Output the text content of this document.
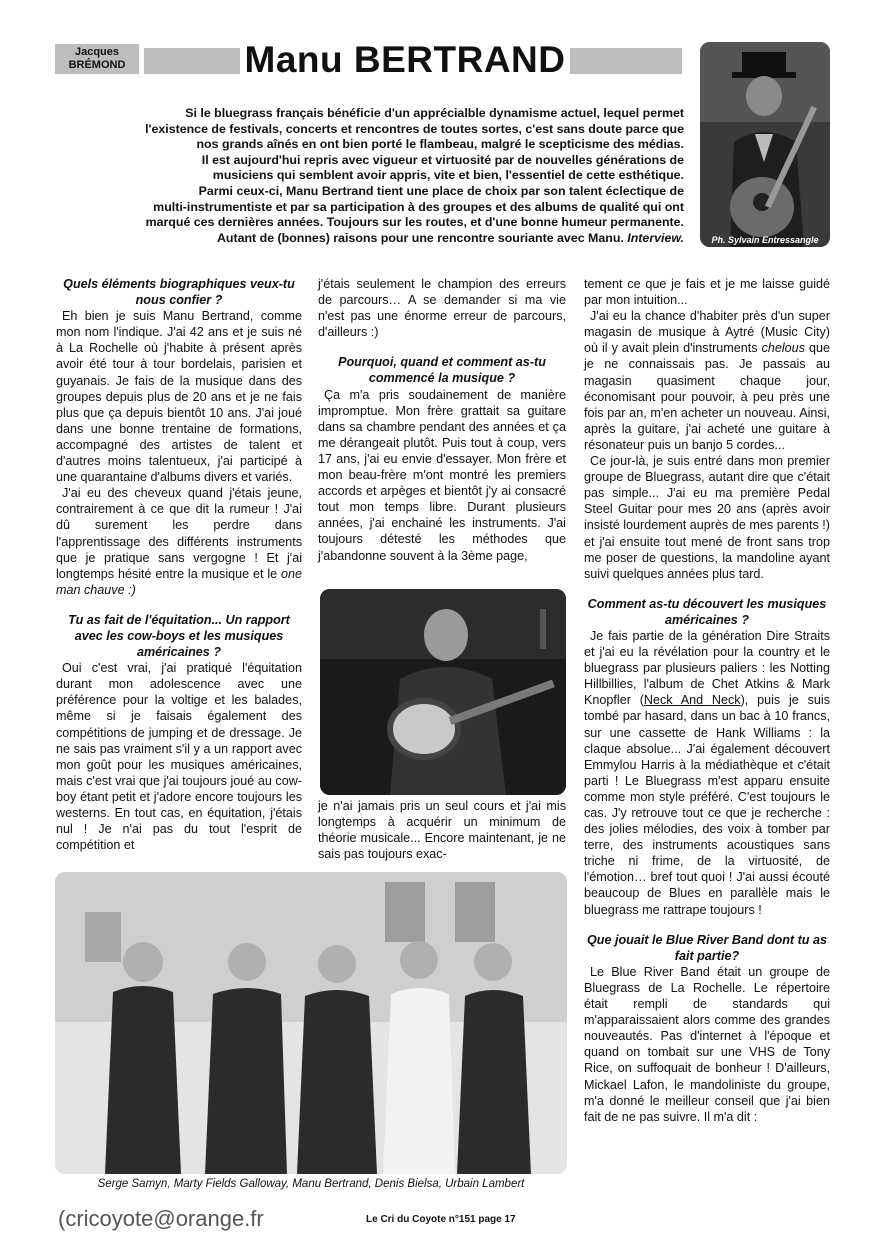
Jacques
BRÉMOND	Manu BERTRAND
Ph. Sylvain Entressangle

Si le bluegrass français bénéficie d'un apprécialble dynamisme actuel, lequel permet

l'existence de festivals, concerts et rencontres de toutes sortes, c'est sans doute parce que

nos grands aînés en ont bien porté le flambeau, malgré le scepticisme des médias.

Il est aujourd'hui repris avec vigueur et virtuosité par de nouvelles générations de

musiciens qui semblent avoir appris, vite et bien, l'essentiel de cette esthétique.

Parmi ceux-ci, Manu Bertrand tient une place de choix par son talent éclectique de

multi-instrumentiste et par sa participation à des groupes et des albums de qualité qui ont

marqué ces dernières années. Toujours sur les routes, et d'une bonne humeur permanente.

Autant de (bonnes) raisons pour une rencontre souriante avec Manu. Interview.

Quels éléments biographiques veux-tu nous confier ?

Eh bien je suis Manu Bertrand, comme mon nom l'indique. J'ai 42 ans et je suis né à La Rochelle où j'habite à présent après avoir été tour à tour bordelais, parisien et guyanais. Je fais de la musique dans des groupes depuis plus de 20 ans et je ne fais plus que ça depuis bientôt 10 ans. J'ai joué dans une bonne trentaine de formations, accompagné des artistes de talent et d'autres moins talentueux, j'ai participé à une quarantaine d'albums divers et variés.

J'ai eu des cheveux quand j'étais jeune, contrairement à ce que dit la rumeur ! J'ai dû surement les perdre dans l'apprentissage des différents instruments que je pratique sans vergogne ! Et j'ai longtemps hésité entre la musique et le one man chauve :)

Tu as fait de l'équitation... Un rapport avec les cow-boys et les musiques américaines ?

Oui c'est vrai, j'ai pratiqué l'équitation durant mon adolescence avec une préférence pour la voltige et les balades, même si je faisais également des compétitions de jumping et de dressage. Je ne sais pas vraiment s'il y a un rapport avec mon goût pour les musiques américaines, mais c'est vrai que j'ai toujours joué au cow-boy étant petit et j'adore encore toujours les westerns. En tout cas, en équitation, j'étais nul ! Je n'ai pas du tout l'esprit de compétition et

j'étais seulement le champion des erreurs de parcours… A se demander si ma vie n'est pas une énorme erreur de parcours, d'ailleurs :)

Pourquoi, quand et comment as-tu commencé la musique ?

Ça m'a pris soudainement de manière impromptue. Mon frère grattait sa guitare dans sa chambre pendant des années et ça me dérangeait plutôt. Puis tout à coup, vers 17 ans, j'ai eu envie d'essayer. Mon frère et mon beau-frère m'ont montré les premiers accords et arpèges et bientôt j'y ai consacré tout mon temps libre. Durant plusieurs années, j'ai enchainé les instruments. J'ai toujours détesté les méthodes que j'abandonne souvent à la 3ème page,

je n'ai jamais pris un seul cours et j'ai mis longtemps à acquérir un minimum de théorie musicale... Encore maintenant, je ne sais pas toujours exac-

tement ce que je fais et je me laisse guidé par mon intuition...

J'ai eu la chance d'habiter près d'un super magasin de musique à Aytré (Music City) où il y avait plein d'instruments chelous que je ne connaissais pas. Je passais au magasin quasiment chaque jour, économisant pour pouvoir, à peu près une fois par an, m'en acheter un nouveau. Ainsi, après la guitare, j'ai acheté une guitare à résonateur puis un banjo 5 cordes...

Ce jour-là, je suis entré dans mon premier groupe de Bluegrass, autant dire que c'était pas simple... J'ai eu ma première Pedal Steel Guitar pour mes 20 ans (après avoir insisté lourdement auprès de mes parents !) et j'ai ensuite tout mené de front sans trop me poser de questions, la mandoline ayant suivi quelques années plus tard.

Comment as-tu découvert les musiques américaines ?

Je fais partie de la génération Dire Straits et j'ai eu la révélation pour la country et le bluegrass par plusieurs paliers : les Notting Hillbillies, l'album de Chet Atkins & Mark Knopfler (Neck And Neck), puis je suis tombé par hasard, dans un bac à 10 francs, sur une cassette de Hank Williams : la claque absolue... J'ai également découvert Emmylou Harris à la médiathèque et c'était parti ! Le Bluegrass m'est apparu ensuite comme mon style préféré. C'est toujours le cas. J'y retrouve tout ce que je recherche : des jolies mélodies, des voix à tomber par terre, des instruments acoustiques sans triche ni frime, de la virtuosité, de l'émotion… bref tout quoi ! J'ai aussi écouté beaucoup de Blues en parallèle mais le bluegrass me rattrape toujours !

Que jouait le Blue River Band dont tu as fait partie?

Le Blue River Band était un groupe de Bluegrass de La Rochelle. Le répertoire était rempli de standards qui m'apparaissaient alors comme des grandes nouveautés. Pas d'internet à l'époque et quand on tombait sur une VHS de Tony Rice, on suffoquait de bonheur ! D'ailleurs, Mickael Lafon, le mandoliniste du groupe, m'a donné le meilleur conseil que j'ai bien fait de ne pas suivre. Il m'a dit :

Serge Samyn, Marty Fields Galloway, Manu Bertrand, Denis Bielsa, Urbain Lambert
(cricoyote@orange.fr	Le Cri du Coyote n°151 page 17
